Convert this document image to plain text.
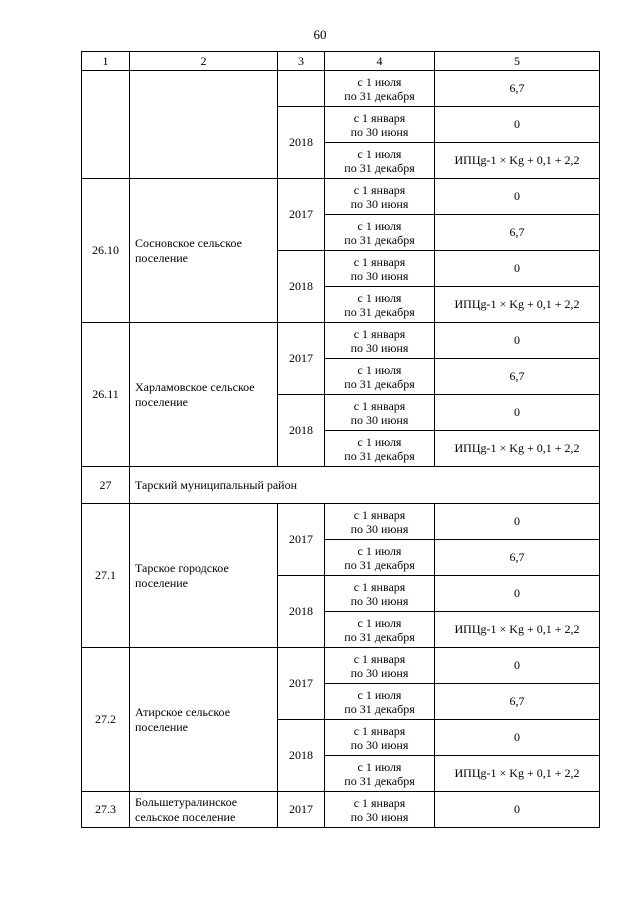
60
1	2	3	4	5
			с 1 июля
по 31 декабря	6,7
		2018	с 1 января
по 30 июня	0
			с 1 июля
по 31 декабря	ИПЦg-1 × Kg + 0,1 + 2,2
26.10	Сосновское сельское поселение	2017	с 1 января
по 30 июня	0
			с 1 июля
по 31 декабря	6,7
		2018	с 1 января
по 30 июня	0
			с 1 июля
по 31 декабря	ИПЦg-1 × Kg + 0,1 + 2,2
26.11	Харламовское сельское поселение	2017	с 1 января
по 30 июня	0
			с 1 июля
по 31 декабря	6,7
		2018	с 1 января
по 30 июня	0
			с 1 июля
по 31 декабря	ИПЦg-1 × Kg + 0,1 + 2,2
27	Тарский муниципальный район			
27.1	Тарское городское поселение	2017	с 1 января
по 30 июня	0
			с 1 июля
по 31 декабря	6,7
		2018	с 1 января
по 30 июня	0
			с 1 июля
по 31 декабря	ИПЦg-1 × Kg + 0,1 + 2,2
27.2	Атирское сельское поселение	2017	с 1 января
по 30 июня	0
			с 1 июля
по 31 декабря	6,7
		2018	с 1 января
по 30 июня	0
			с 1 июля
по 31 декабря	ИПЦg-1 × Kg + 0,1 + 2,2
27.3	Большетуралинское сельское поселение	2017	с 1 января
по 30 июня	0
